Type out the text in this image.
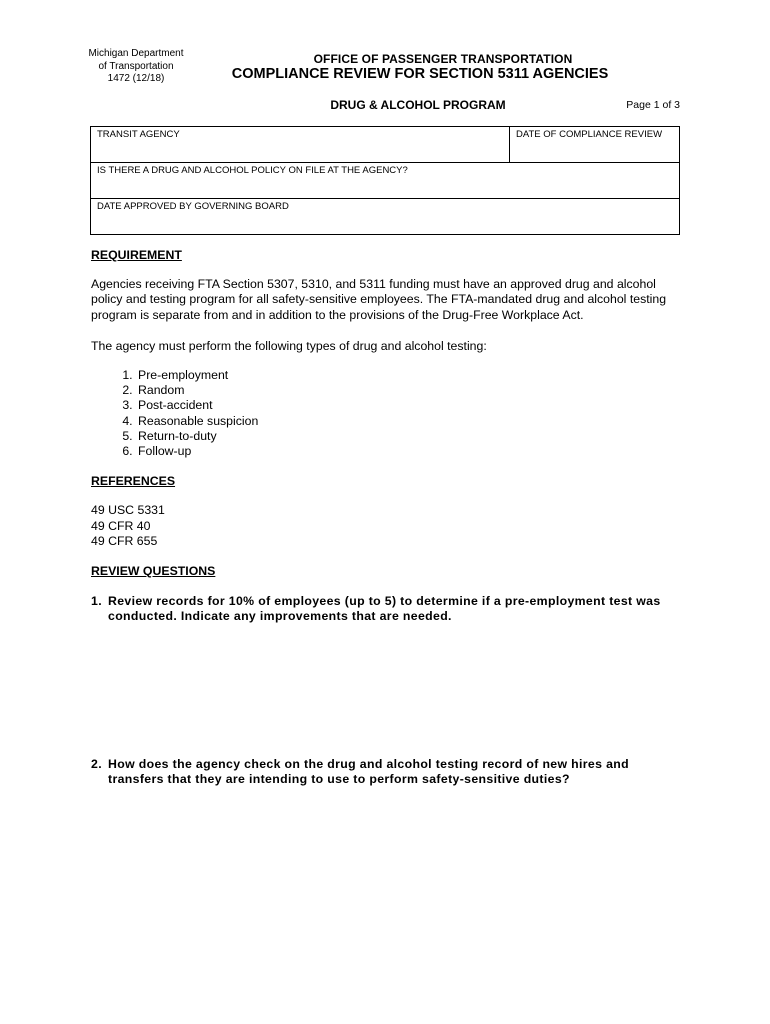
Michigan Department
of Transportation
1472 (12/18)
OFFICE OF PASSENGER TRANSPORTATION
COMPLIANCE REVIEW FOR SECTION 5311 AGENCIES
DRUG & ALCOHOL PROGRAM	Page 1 of 3
TRANSIT AGENCY	DATE OF COMPLIANCE REVIEW
IS THERE A DRUG AND ALCOHOL POLICY ON FILE AT THE AGENCY?
DATE APPROVED BY GOVERNING BOARD

REQUIREMENT

Agencies receiving FTA Section 5307, 5310, and 5311 funding must have an approved drug and alcohol policy and testing program for all safety-sensitive employees. The FTA-mandated drug and alcohol testing program is separate from and in addition to the provisions of the Drug-Free Workplace Act.

The agency must perform the following types of drug and alcohol testing:

1. Pre-employment
2. Random
3. Post-accident
4. Reasonable suspicion
5. Return-to-duty
6. Follow-up

REFERENCES

49 USC 5331
49 CFR 40
49 CFR 655

REVIEW QUESTIONS

1. Review records for 10% of employees (up to 5) to determine if a pre-employment test was conducted. Indicate any improvements that are needed.
2. How does the agency check on the drug and alcohol testing record of new hires and transfers that they are intending to use to perform safety-sensitive duties?
